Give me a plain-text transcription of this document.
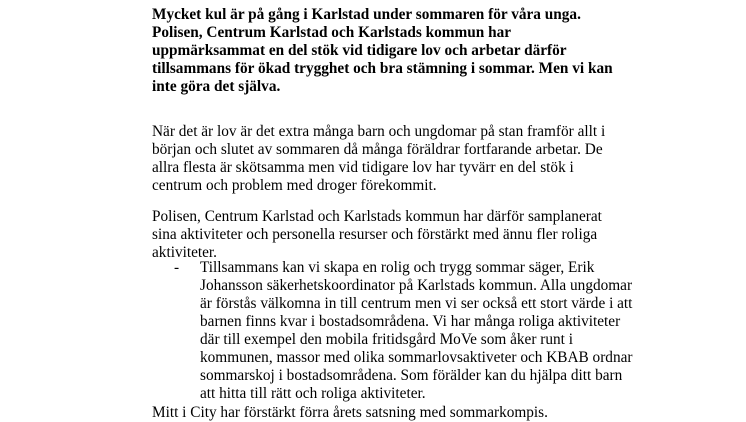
Mycket kul är på gång i Karlstad under sommaren för våra unga. Polisen, Centrum Karlstad och Karlstads kommun har uppmärksammat en del stök vid tidigare lov och arbetar därför tillsammans för ökad trygghet och bra stämning i sommar. Men vi kan inte göra det själva.
När det är lov är det extra många barn och ungdomar på stan framför allt i början och slutet av sommaren då många föräldrar fortfarande arbetar. De allra flesta är skötsamma men vid tidigare lov har tyvärr en del stök i centrum och problem med droger förekommit.
Polisen, Centrum Karlstad och Karlstads kommun har därför samplanerat sina aktiviteter och personella resurser och förstärkt med ännu fler roliga aktiviteter.
- Tillsammans kan vi skapa en rolig och trygg sommar säger, Erik Johansson säkerhetskoordinator på Karlstads kommun. Alla ungdomar är förstås välkomna in till centrum men vi ser också ett stort värde i att barnen finns kvar i bostadsområdena. Vi har många roliga aktiviteter där till exempel den mobila fritidsgård MoVe som åker runt i kommunen, massor med olika sommarlovsaktiveter och KBAB ordnar sommarskoj i bostadsområdena. Som förälder kan du hjälpa ditt barn att hitta till rätt och roliga aktiviteter.
Mitt i City har förstärkt förra årets satsning med sommarkompis.
